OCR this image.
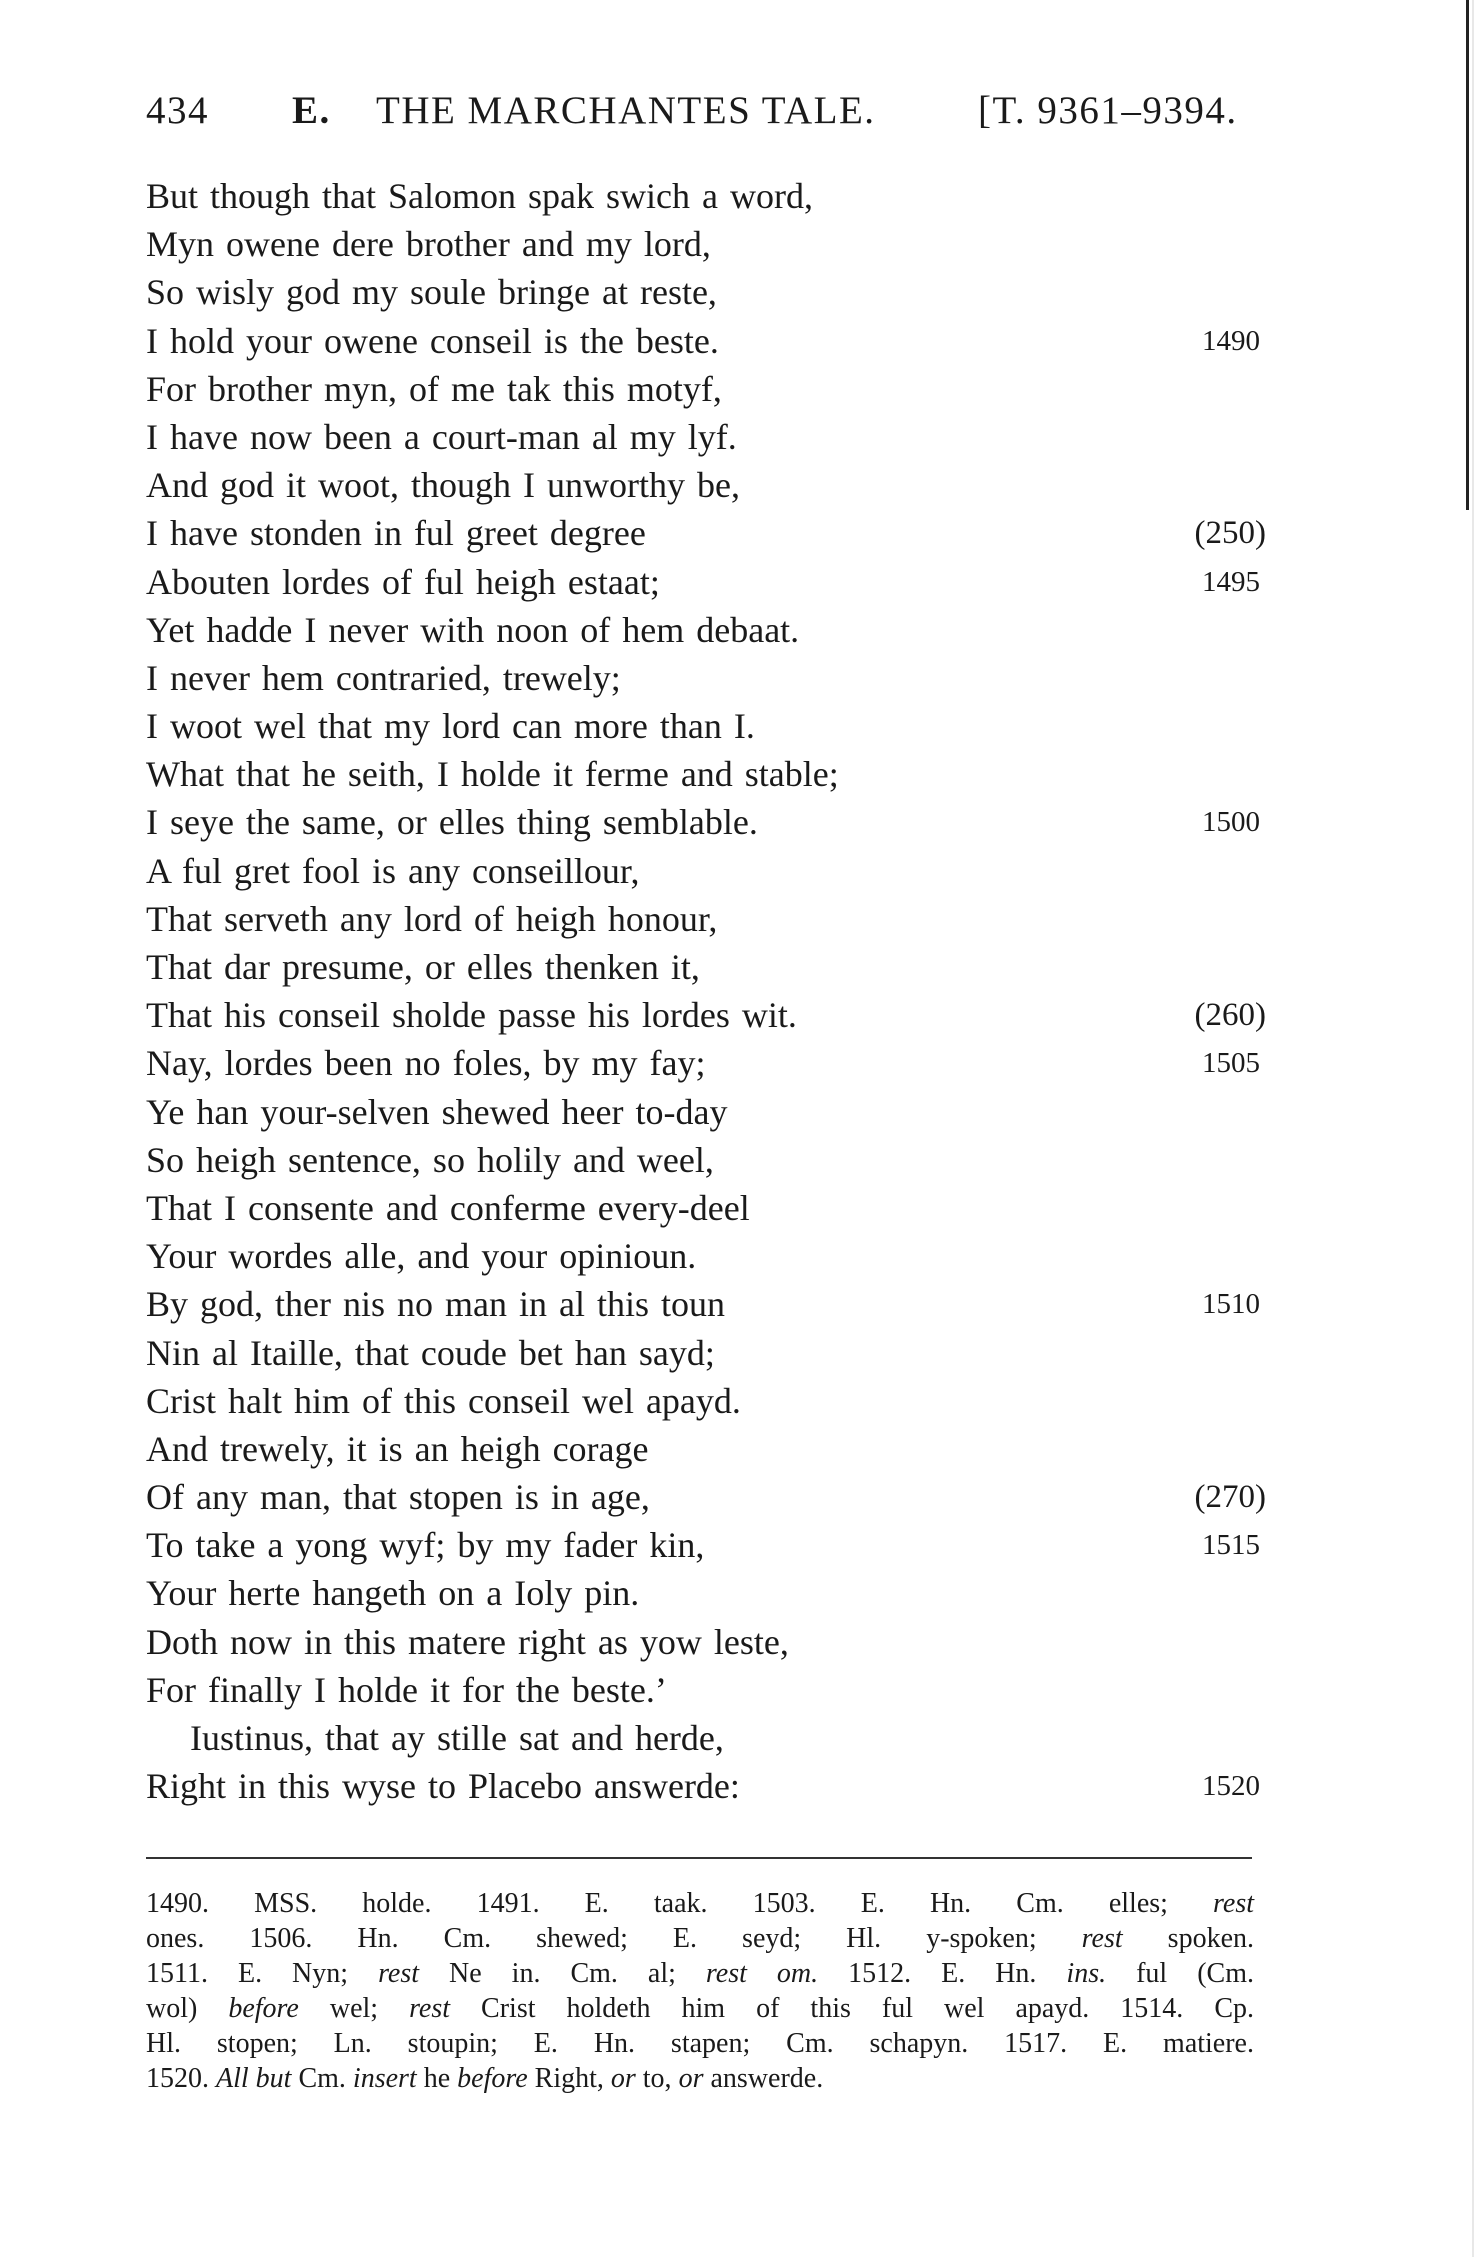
434 E. THE MARCHANTES TALE.	[T. 9361–9394.
But though that Salomon spak swich a word,
Myn owene dere brother and my lord,
So wisly god my soule bringe at reste,
I hold your owene conseil is the beste.	1490
For brother myn, of me tak this motyf,
I have now been a court-man al my lyf.
And god it woot, though I unworthy be,
I have stonden in ful greet degree	(250)
Abouten lordes of ful heigh estaat;	1495
Yet hadde I never with noon of hem debaat.
I never hem contraried, trewely;
I woot wel that my lord can more than I.
What that he seith, I holde it ferme and stable;
I seye the same, or elles thing semblable.	1500
A ful gret fool is any conseillour,
That serveth any lord of heigh honour,
That dar presume, or elles thenken it,
That his conseil sholde passe his lordes wit.	(260)
Nay, lordes been no foles, by my fay;	1505
Ye han your-selven shewed heer to-day
So heigh sentence, so holily and weel,
That I consente and conferme every-deel
Your wordes alle, and your opinioun.
By god, ther nis no man in al this toun	1510
Nin al Itaille, that coude bet han sayd;
Crist halt him of this conseil wel apayd.
And trewely, it is an heigh corage
Of any man, that stopen is in age,	(270)
To take a yong wyf; by my fader kin,	1515
Your herte hangeth on a Ioly pin.
Doth now in this matere right as yow leste,
For finally I holde it for the beste.’
Iustinus, that ay stille sat and herde,
Right in this wyse to Placebo answerde:	1520
1490. MSS. holde. 1491. E. taak. 1503. E. Hn. Cm. elles; rest
ones. 1506. Hn. Cm. shewed; E. seyd; Hl. y-spoken; rest spoken.
1511. E. Nyn; rest Ne in. Cm. al; rest om. 1512. E. Hn. ins. ful (Cm.
wol) before wel; rest Crist holdeth him of this ful wel apayd. 1514. Cp.
Hl. stopen; Ln. stoupin; E. Hn. stapen; Cm. schapyn. 1517. E. matiere.
1520. All but Cm. insert he before Right, or to, or answerde.
